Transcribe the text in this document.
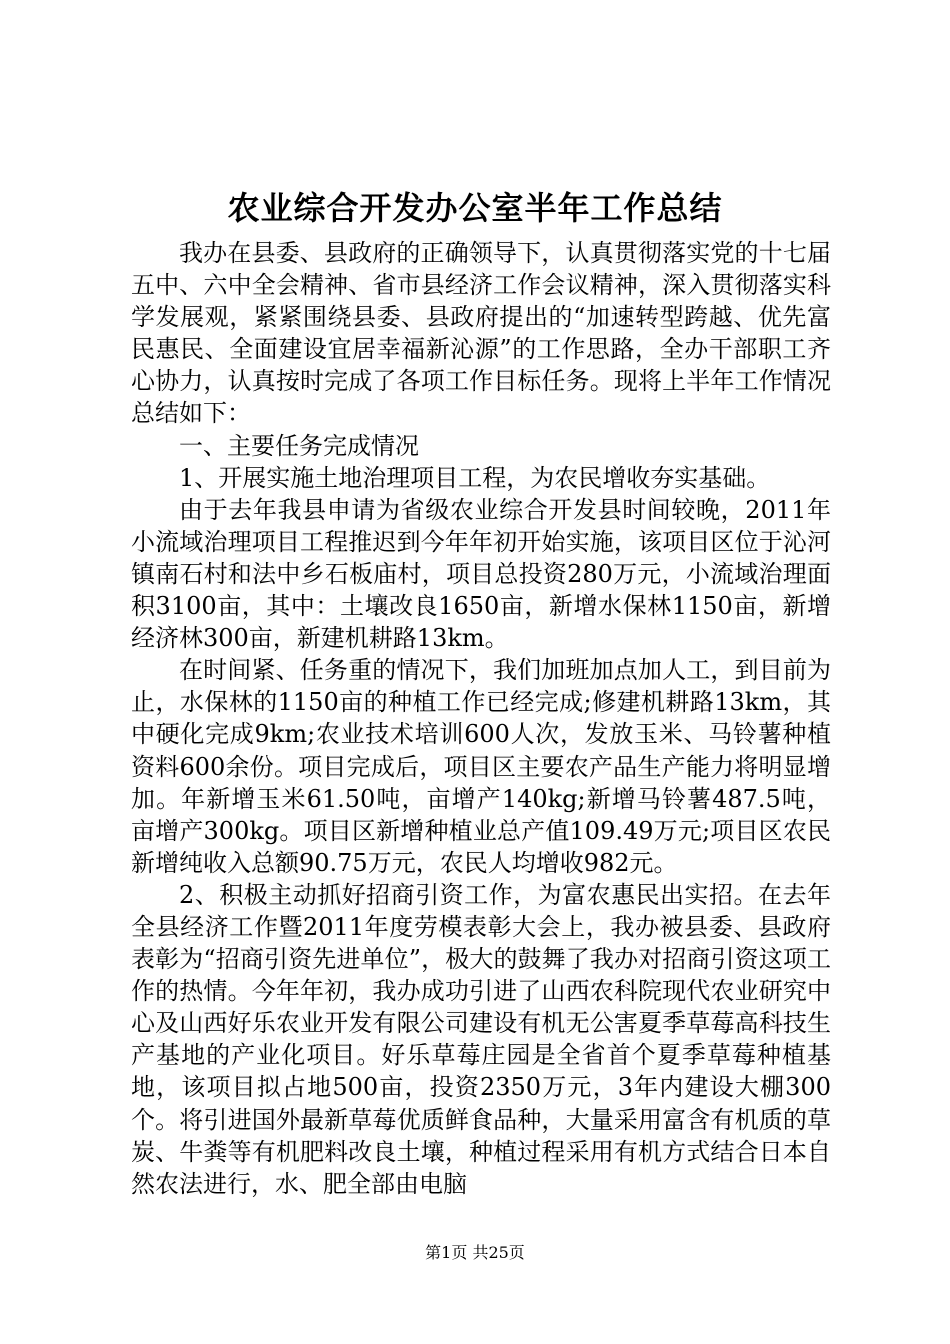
农业综合开发办公室半年工作总结

我办在县委、县政府的正确领导下，认真贯彻落实党的十七届五中、六中全会精神、省市县经济工作会议精神，深入贯彻落实科学发展观，紧紧围绕县委、县政府提出的“加速转型跨越、优先富民惠民、全面建设宜居幸福新沁源”的工作思路，全办干部职工齐心协力，认真按时完成了各项工作目标任务。现将上半年工作情况总结如下：

一、主要任务完成情况

1、开展实施土地治理项目工程，为农民增收夯实基础。

由于去年我县申请为省级农业综合开发县时间较晚，2011年小流域治理项目工程推迟到今年年初开始实施，该项目区位于沁河镇南石村和法中乡石板庙村，项目总投资280万元，小流域治理面积3100亩，其中：土壤改良1650亩，新增水保林1150亩，新增经济林300亩，新建机耕路13km。

在时间紧、任务重的情况下，我们加班加点加人工，到目前为止，水保林的1150亩的种植工作已经完成;修建机耕路13km，其中硬化完成9km;农业技术培训600人次，发放玉米、马铃薯种植资料600余份。项目完成后，项目区主要农产品生产能力将明显增加。年新增玉米61.50吨，亩增产140kg;新增马铃薯487.5吨，亩增产300kg。项目区新增种植业总产值109.49万元;项目区农民新增纯收入总额90.75万元，农民人均增收982元。

2、积极主动抓好招商引资工作，为富农惠民出实招。在去年全县经济工作暨2011年度劳模表彰大会上，我办被县委、县政府表彰为“招商引资先进单位”，极大的鼓舞了我办对招商引资这项工作的热情。今年年初，我办成功引进了山西农科院现代农业研究中心及山西好乐农业开发有限公司建设有机无公害夏季草莓高科技生产基地的产业化项目。好乐草莓庄园是全省首个夏季草莓种植基地，该项目拟占地500亩，投资2350万元，3年内建设大棚300个。将引进国外最新草莓优质鲜食品种，大量采用富含有机质的草炭、牛粪等有机肥料改良土壤，种植过程采用有机方式结合日本自然农法进行，水、肥全部由电脑

第1页 共25页
